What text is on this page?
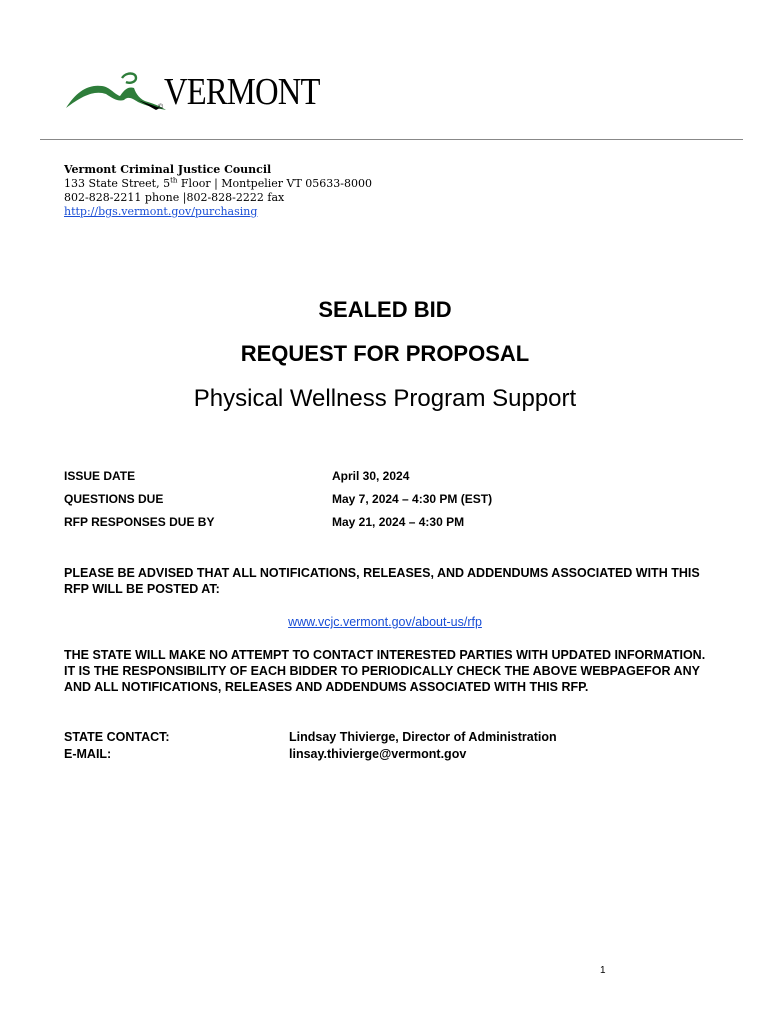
© VERMONT
Vermont Criminal Justice Council
133 State Street, 5th Floor | Montpelier VT 05633-8000
802-828-2211 phone |802-828-2222 fax
http://bgs.vermont.gov/purchasing
SEALED BID
REQUEST FOR PROPOSAL
Physical Wellness Program Support
ISSUE DATE	April 30, 2024
QUESTIONS DUE	May 7, 2024 – 4:30 PM (EST)
RFP RESPONSES DUE BY	May 21, 2024 – 4:30 PM
PLEASE BE ADVISED THAT ALL NOTIFICATIONS, RELEASES, AND ADDENDUMS ASSOCIATED WITH THIS RFP WILL BE POSTED AT:
www.vcjc.vermont.gov/about-us/rfp
THE STATE WILL MAKE NO ATTEMPT TO CONTACT INTERESTED PARTIES WITH UPDATED INFORMATION. IT IS THE RESPONSIBILITY OF EACH BIDDER TO PERIODICALLY CHECK THE ABOVE WEBPAGEFOR ANY AND ALL NOTIFICATIONS, RELEASES AND ADDENDUMS ASSOCIATED WITH THIS RFP.
STATE CONTACT:	Lindsay Thivierge, Director of Administration
E-MAIL:	linsay.thivierge@vermont.gov
1
